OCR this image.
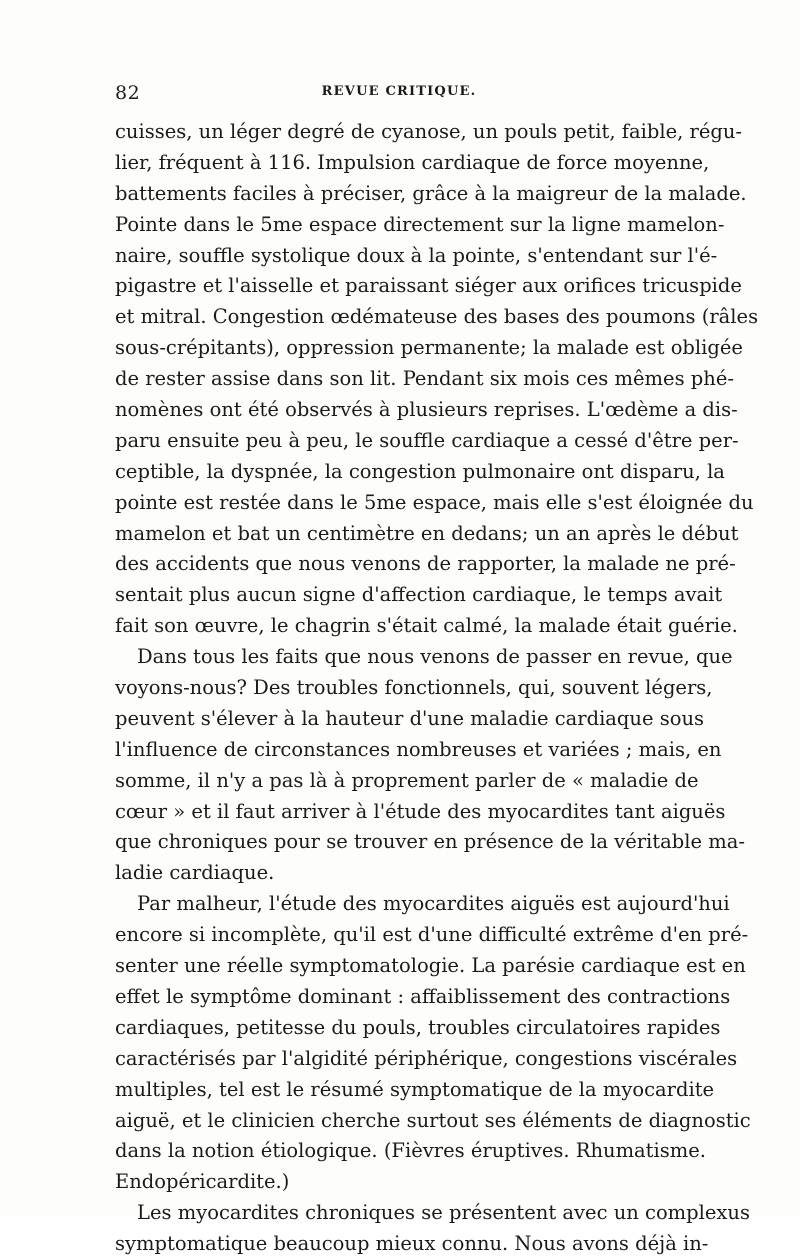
82	REVUE CRITIQUE.
cuisses, un léger degré de cyanose, un pouls petit, faible, régu-
lier, fréquent à 116. Impulsion cardiaque de force moyenne,
battements faciles à préciser, grâce à la maigreur de la malade.
Pointe dans le 5me espace directement sur la ligne mamelon-
naire, souffle systolique doux à la pointe, s'entendant sur l'é-
pigastre et l'aisselle et paraissant siéger aux orifices tricuspide
et mitral. Congestion œdémateuse des bases des poumons (râles
sous-crépitants), oppression permanente; la malade est obligée
de rester assise dans son lit. Pendant six mois ces mêmes phé-
nomènes ont été observés à plusieurs reprises. L'œdème a dis-
paru ensuite peu à peu, le souffle cardiaque a cessé d'être per-
ceptible, la dyspnée, la congestion pulmonaire ont disparu, la
pointe est restée dans le 5me espace, mais elle s'est éloignée du
mamelon et bat un centimètre en dedans; un an après le début
des accidents que nous venons de rapporter, la malade ne pré-
sentait plus aucun signe d'affection cardiaque, le temps avait
fait son œuvre, le chagrin s'était calmé, la malade était guérie.
Dans tous les faits que nous venons de passer en revue, que
voyons-nous? Des troubles fonctionnels, qui, souvent légers,
peuvent s'élever à la hauteur d'une maladie cardiaque sous
l'influence de circonstances nombreuses et variées ; mais, en
somme, il n'y a pas là à proprement parler de « maladie de
cœur » et il faut arriver à l'étude des myocardites tant aiguës
que chroniques pour se trouver en présence de la véritable ma-
ladie cardiaque.
Par malheur, l'étude des myocardites aiguës est aujourd'hui
encore si incomplète, qu'il est d'une difficulté extrême d'en pré-
senter une réelle symptomatologie. La parésie cardiaque est en
effet le symptôme dominant : affaiblissement des contractions
cardiaques, petitesse du pouls, troubles circulatoires rapides
caractérisés par l'algidité périphérique, congestions viscérales
multiples, tel est le résumé symptomatique de la myocardite
aiguë, et le clinicien cherche surtout ses éléments de diagnostic
dans la notion étiologique. (Fièvres éruptives. Rhumatisme.
Endopéricardite.)
Les myocardites chroniques se présentent avec un complexus
symptomatique beaucoup mieux connu. Nous avons déjà in-
